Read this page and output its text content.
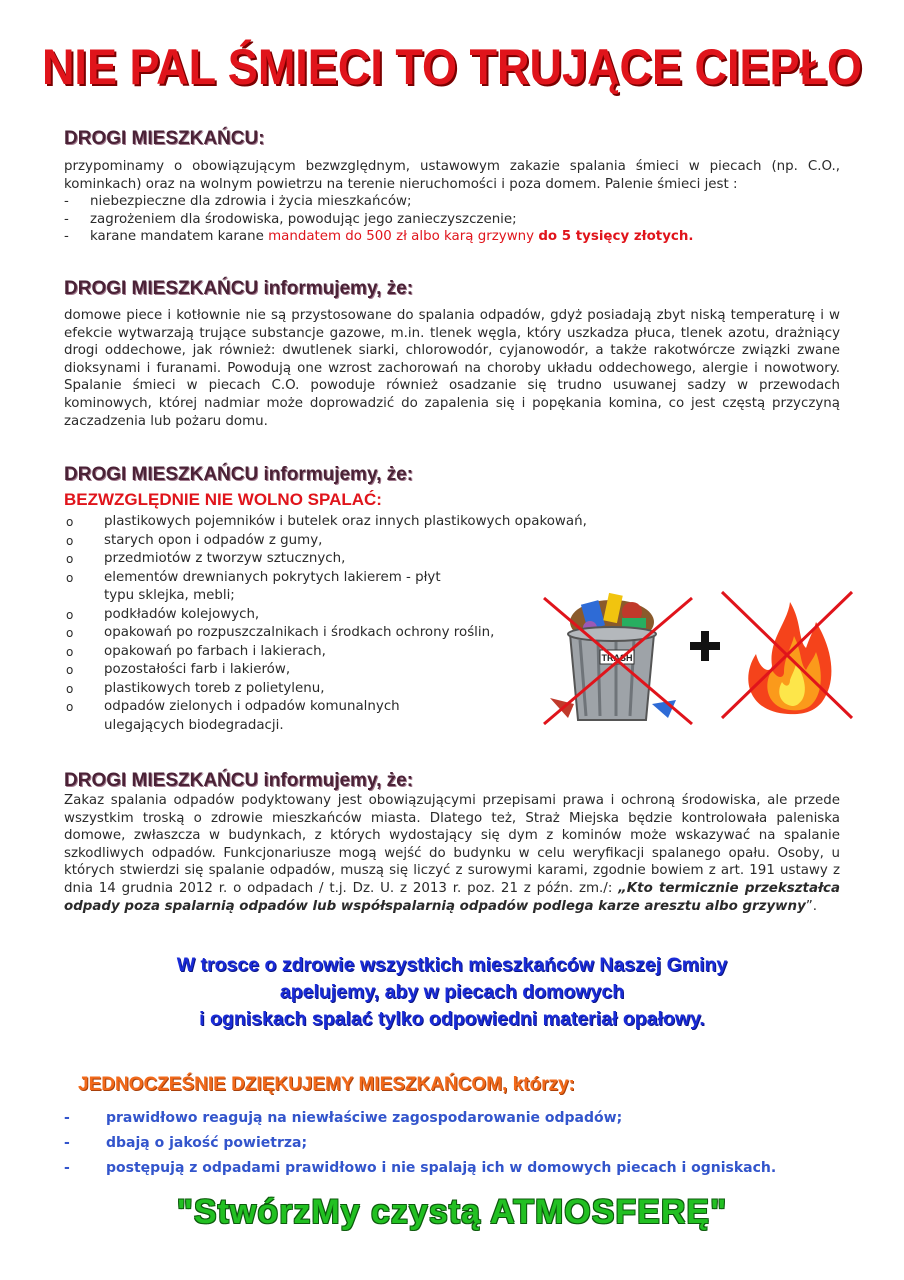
NIE PAL ŚMIECI TO TRUJĄCE CIEPŁO
DROGI MIESZKAŃCU:
przypominamy o obowiązującym bezwzględnym, ustawowym zakazie spalania śmieci w piecach (np. C.O., kominkach) oraz na wolnym powietrzu na terenie nieruchomości i poza domem. Palenie śmieci jest :
- niebezpieczne dla zdrowia i życia mieszkańców;
- zagrożeniem dla środowiska, powodując jego zanieczyszczenie;
- karane mandatem karane mandatem do 500 zł albo karą grzywny do 5 tysięcy złotych.
DROGI MIESZKAŃCU informujemy, że:
domowe piece i kotłownie nie są przystosowane do spalania odpadów, gdyż posiadają zbyt niską temperaturę i w efekcie wytwarzają trujące substancje gazowe, m.in. tlenek węgla, który uszkadza płuca, tlenek azotu, drażniący drogi oddechowe, jak również: dwutlenek siarki, chlorowodór, cyjanowodór, a także rakotwórcze związki zwane dioksynami i furanami. Powodują one wzrost zachorowań na choroby układu oddechowego, alergie i nowotwory. Spalanie śmieci w piecach C.O. powoduje również osadzanie się trudno usuwanej sadzy w przewodach kominowych, której nadmiar może doprowadzić do zapalenia się i popękania komina, co jest częstą przyczyną zaczadzenia lub pożaru domu.
DROGI MIESZKAŃCU informujemy, że:
BEZWZGLĘDNIE NIE WOLNO SPALAĆ:
o plastikowych pojemników i butelek oraz innych plastikowych opakowań,
o starych opon i odpadów z gumy,
o przedmiotów z tworzyw sztucznych,
o elementów drewnianych pokrytych lakierem - płyt typu sklejka, mebli;
o podkładów kolejowych,
o opakowań po rozpuszczalnikach i środkach ochrony roślin,
o opakowań po farbach i lakierach,
o pozostałości farb i lakierów,
o plastikowych toreb z polietylenu,
o odpadów zielonych i odpadów komunalnych ulegających biodegradacji.
TRASH
DROGI MIESZKAŃCU informujemy, że:
Zakaz spalania odpadów podyktowany jest obowiązującymi przepisami prawa i ochroną środowiska, ale przede wszystkim troską o zdrowie mieszkańców miasta. Dlatego też, Straż Miejska będzie kontrolowała paleniska domowe, zwłaszcza w budynkach, z których wydostający się dym z kominów może wskazywać na spalanie szkodliwych odpadów. Funkcjonariusze mogą wejść do budynku w celu weryfikacji spalanego opału. Osoby, u których stwierdzi się spalanie odpadów, muszą się liczyć z surowymi karami, zgodnie bowiem z art. 191 ustawy z dnia 14 grudnia 2012 r. o odpadach / t.j. Dz. U. z 2013 r. poz. 21 z późn. zm./: „Kto termicznie przekształca odpady poza spalarnią odpadów lub współspalarnią odpadów podlega karze aresztu albo grzywny”.
W trosce o zdrowie wszystkich mieszkańców Naszej Gminy
apelujemy, aby w piecach domowych
i ogniskach spalać tylko odpowiedni materiał opałowy.
JEDNOCZEŚNIE DZIĘKUJEMY MIESZKAŃCOM, którzy:
- prawidłowo reagują na niewłaściwe zagospodarowanie odpadów;
- dbają o jakość powietrza;
- postępują z odpadami prawidłowo i nie spalają ich w domowych piecach i ogniskach.
"StwórzMy czystą ATMOSFERĘ"
